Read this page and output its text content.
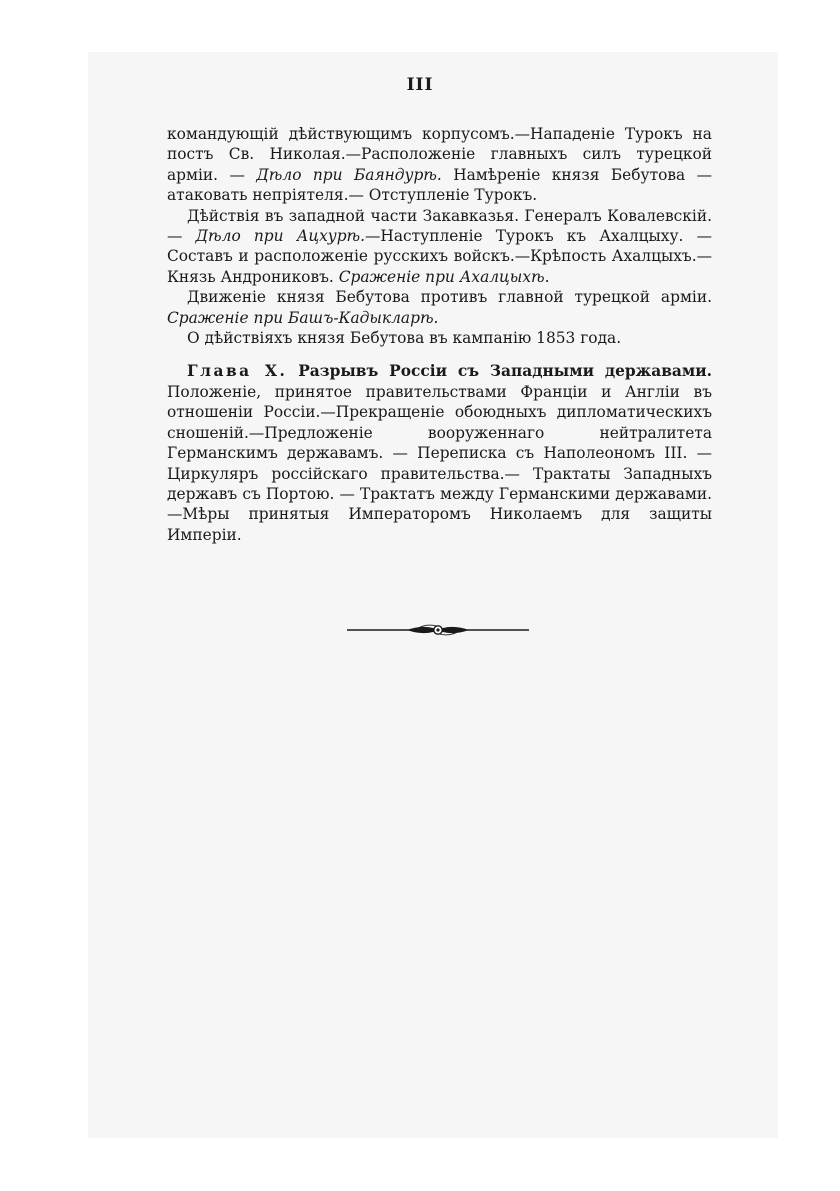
III

командующій дѣйствующимъ корпусомъ.—Нападеніе Турокъ на постъ Св. Николая.—Расположеніе главныхъ силъ турецкой арміи. — Дѣло при Баяндурѣ. Намѣреніе князя Бебутова —атаковать непріятеля.— Отступленіе Турокъ.

Дѣйствія въ западной части Закавказья. Генералъ Ковалевскій.— Дѣло при Ацхурѣ.—Наступленіе Турокъ къ Ахалцыху. — Составъ и расположеніе русскихъ войскъ.—Крѣпость Ахалцыхъ.—Князь Андрониковъ. Сраженіе при Ахалцыхѣ.

Движеніе князя Бебутова противъ главной турецкой арміи. Сраженіе при Башъ-Кадыкларѣ.

О дѣйствіяхъ князя Бебутова въ кампанію 1853 года.

Глава X. Разрывъ Россіи съ Западными державами. Положеніе, принятое правительствами Франціи и Англіи въ отношеніи Россіи.—Прекращеніе обоюдныхъ дипломатическихъ сношеній.—Предложеніе вооруженнаго нейтралитета Германскимъ державамъ. — Переписка съ Наполеономъ III. — Циркуляръ россійскаго правительства.— Трактаты Западныхъ державъ съ Портою. — Трактатъ между Германскими державами.—Мѣры принятыя Императоромъ Николаемъ для защиты Имперіи.
